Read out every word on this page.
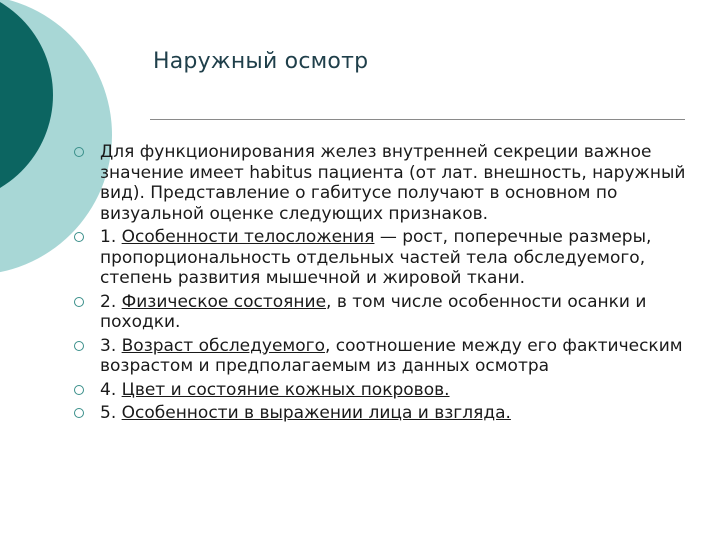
Наружный осмотр
Для функционирования желез внутренней секреции важное значение имеет habitus пациента (от лат. внешность, наружный вид). Представление о габитусе получают в основном по визуальной оценке следующих признаков.
1. Особенности телосложения — рост, поперечные размеры, пропорциональность отдельных частей тела обследуемого, степень развития мышечной и жировой ткани.
2. Физическое состояние, в том числе особенности осанки и походки.
3. Возраст обследуемого, соотношение между его фактическим возрастом и предполагаемым из данных осмотра
4. Цвет и состояние кожных покровов.
5. Особенности в выражении лица и взгляда.
